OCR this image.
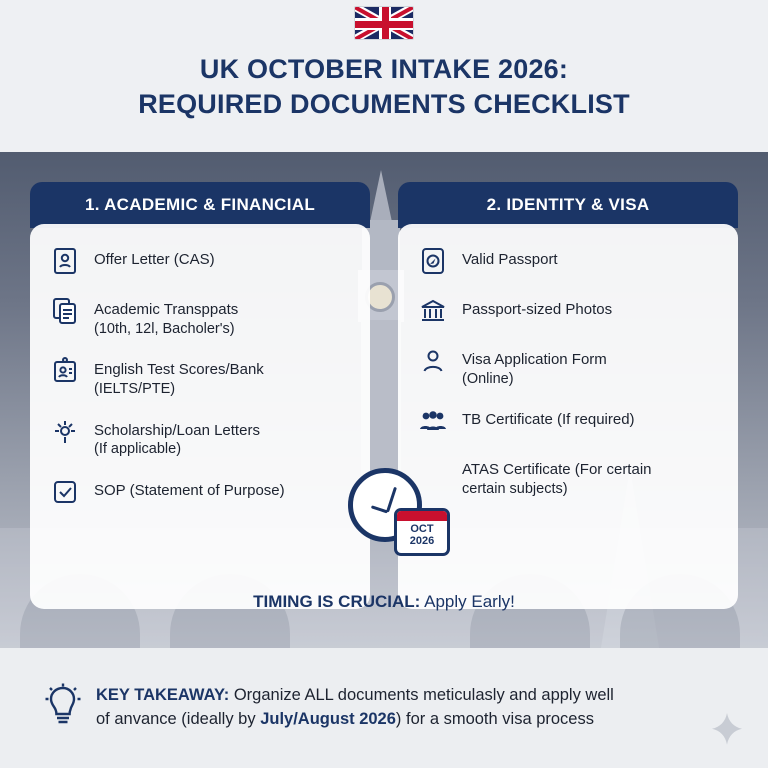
UK OCTOBER INTAKE 2026:
REQUIRED DOCUMENTS CHECKLIST
1. ACADEMIC & FINANCIAL
Offer Letter (CAS)
Academic Transppats
(10th, 12l, Bacholer's)
English Test Scores/Bank
(IELTS/PTE)
Scholarship/Loan Letters
(If applicable)
SOP (Statement of Purpose)
2. IDENTITY & VISA
Valid Passport
Passport-sized Photos
Visa Application Form
(Online)
TB Certificate (If required)
ATAS Certificate (For certain
certain subjects)
OCT
2026
TIMING IS CRUCIAL: Apply Early!
KEY TAKEAWAY: Organize ALL documents meticulasly and apply well
of anvance (ideally by July/August 2026) for a smooth visa process
